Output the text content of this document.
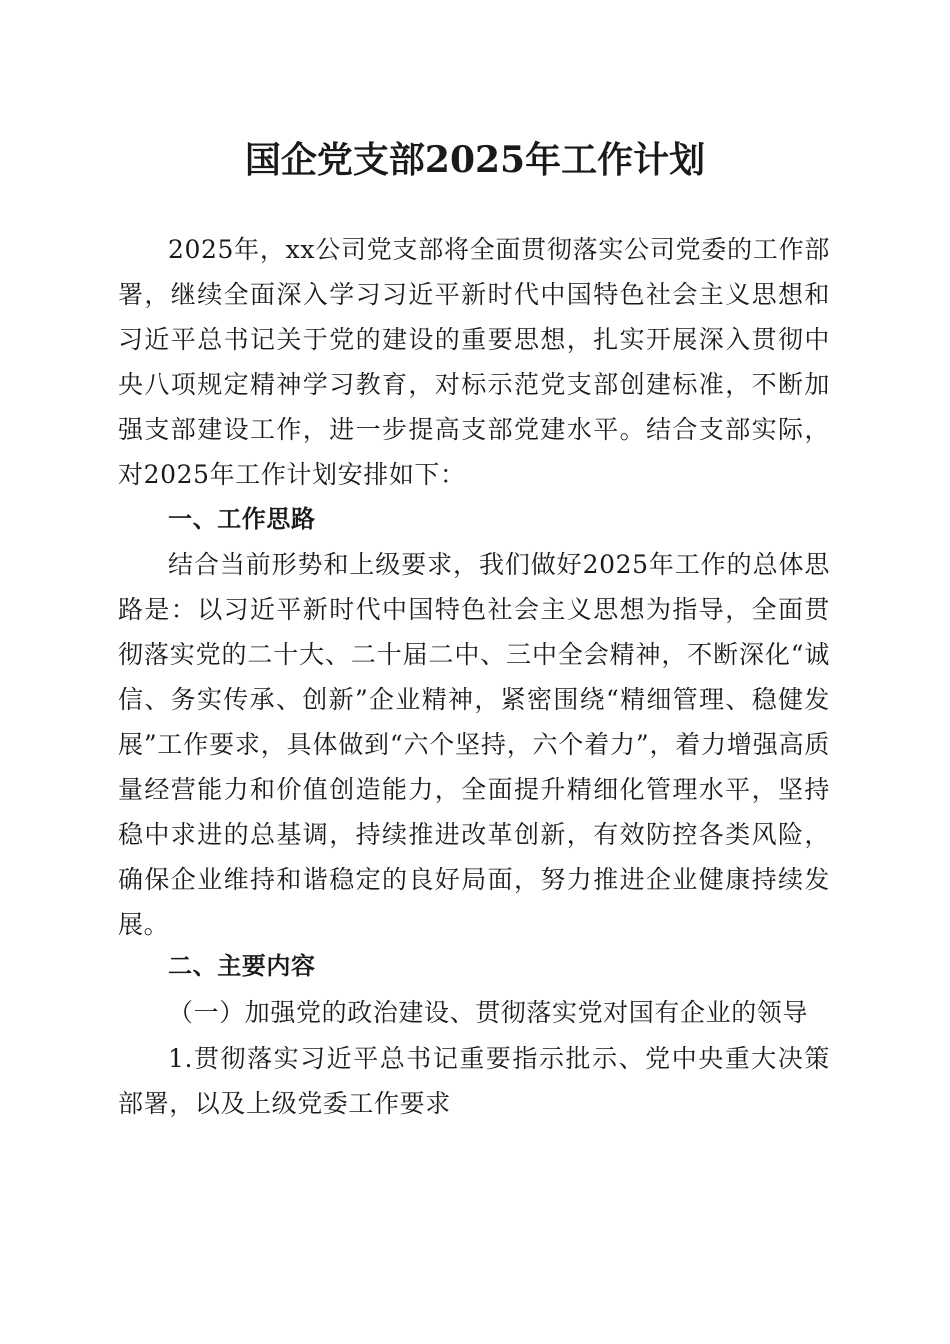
国企党支部2025年工作计划

2025年，xx公司党支部将全面贯彻落实公司党委的工作部署，继续全面深入学习习近平新时代中国特色社会主义思想和习近平总书记关于党的建设的重要思想，扎实开展深入贯彻中央八项规定精神学习教育，对标示范党支部创建标准，不断加强支部建设工作，进一步提高支部党建水平。结合支部实际，对2025年工作计划安排如下：

一、工作思路

结合当前形势和上级要求，我们做好2025年工作的总体思路是：以习近平新时代中国特色社会主义思想为指导，全面贯彻落实党的二十大、二十届二中、三中全会精神，不断深化“诚信、务实传承、创新”企业精神，紧密围绕“精细管理、稳健发展”工作要求，具体做到“六个坚持，六个着力”，着力增强高质量经营能力和价值创造能力，全面提升精细化管理水平，坚持稳中求进的总基调，持续推进改革创新，有效防控各类风险，确保企业维持和谐稳定的良好局面，努力推进企业健康持续发展。

二、主要内容

（一）加强党的政治建设、贯彻落实党对国有企业的领导

1.贯彻落实习近平总书记重要指示批示、党中央重大决策部署，以及上级党委工作要求
